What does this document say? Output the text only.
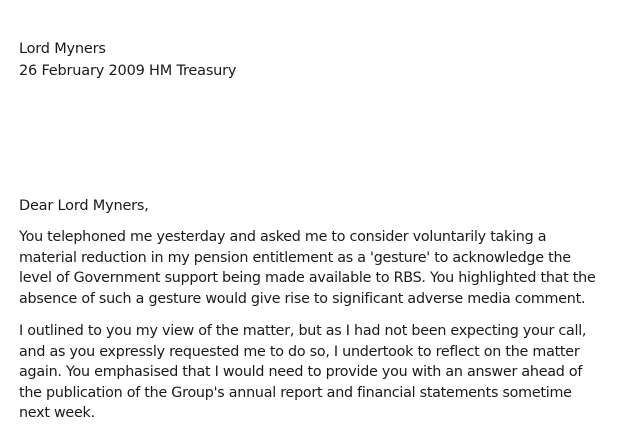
Lord Myners
26 February 2009 HM Treasury
Dear Lord Myners,
You telephoned me yesterday and asked me to consider voluntarily taking a
material reduction in my pension entitlement as a 'gesture' to acknowledge the
level of Government support being made available to RBS. You highlighted that the
absence of such a gesture would give rise to significant adverse media comment.
I outlined to you my view of the matter, but as I had not been expecting your call,
and as you expressly requested me to do so, I undertook to reflect on the matter
again. You emphasised that I would need to provide you with an answer ahead of
the publication of the Group's annual report and financial statements sometime
next week.
